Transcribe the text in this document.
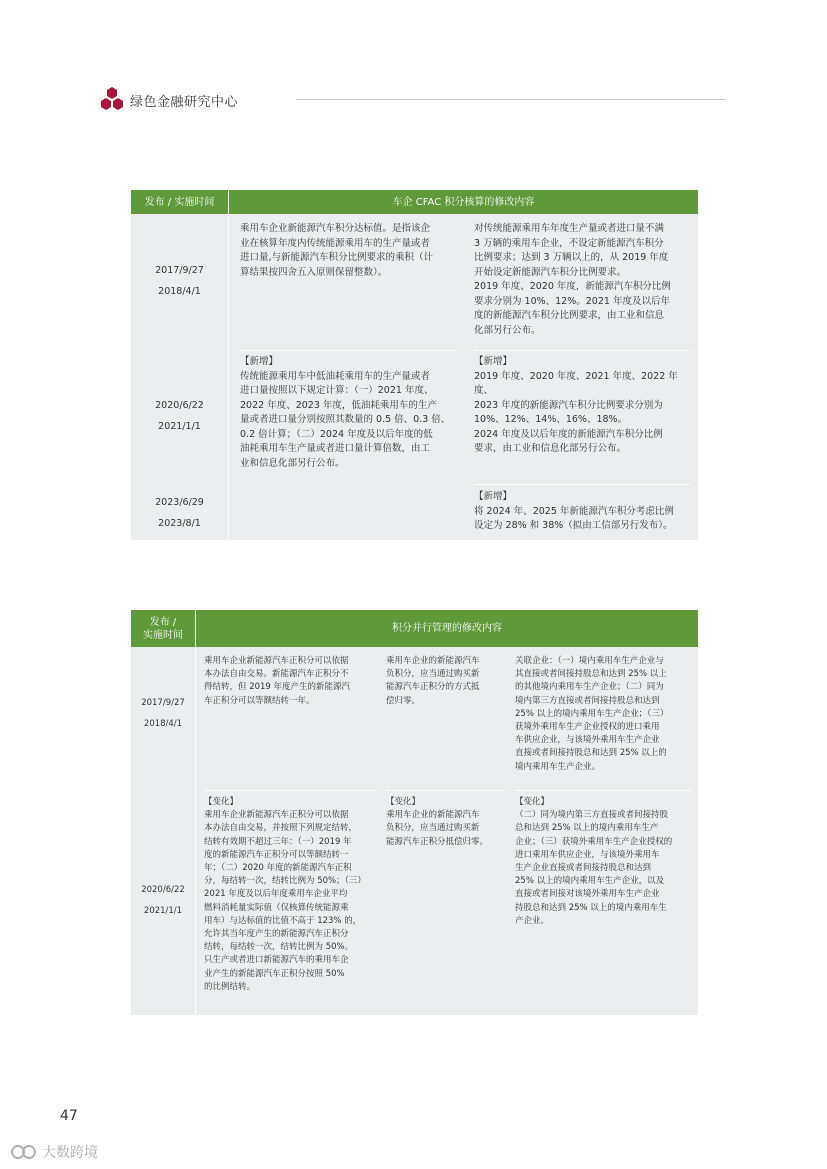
绿色金融研究中心
发布 / 实施时间	车企 CFAC 积分核算的修改内容
2017/9/27
2018/4/1
乘用车企业新能源汽车积分达标值。是指该企
业在核算年度内传统能源乘用车的生产量或者
进口量,与新能源汽车积分比例要求的乘积（计
算结果按四舍五入原则保留整数）。
对传统能源乘用车年度生产量或者进口量不满
3 万辆的乘用车企业，不设定新能源汽车积分
比例要求；达到 3 万辆以上的，从 2019 年度
开始设定新能源汽车积分比例要求。
2019 年度、2020 年度，新能源汽车积分比例
要求分别为 10%、12%。2021 年度及以后年
度的新能源汽车积分比例要求，由工业和信息
化部另行公布。
2020/6/22
2021/1/1
【新增】
传统能源乘用车中低油耗乘用车的生产量或者
进口量按照以下规定计算：（一）2021 年度、
2022 年度、2023 年度，低油耗乘用车的生产
量或者进口量分别按照其数量的 0.5 倍、0.3 倍、
0.2 倍计算；（二）2024 年度及以后年度的低
油耗乘用车生产量或者进口量计算倍数，由工
业和信息化部另行公布。
【新增】
2019 年度、2020 年度、2021 年度、2022 年度、
2023 年度的新能源汽车积分比例要求分别为
10%、12%、14%、16%、18%。
2024 年度及以后年度的新能源汽车积分比例
要求，由工业和信息化部另行公布。
2023/6/29
2023/8/1
【新增】
将 2024 年、2025 年新能源汽车积分考虑比例
设定为 28% 和 38%（拟由工信部另行发布）。
发布 /
实施时间
积分并行管理的修改内容
2017/9/27
2018/4/1
乘用车企业新能源汽车正积分可以依据
本办法自由交易。新能源汽车正积分不
得结转，但 2019 年度产生的新能源汽
车正积分可以等额结转一年。
乘用车企业的新能源汽车
负积分，应当通过购买新
能源汽车正积分的方式抵
偿归零。
关联企业：（一）境内乘用车生产企业与
其直接或者间接持股总和达到 25% 以上
的其他境内乘用车生产企业；（二）同为
境内第三方直接或者间接持股总和达到
25% 以上的境内乘用车生产企业；（三）
获境外乘用车生产企业授权的进口乘用
车供应企业，与该境外乘用车生产企业
直接或者间接持股总和达到 25% 以上的
境内乘用车生产企业。
2020/6/22
2021/1/1
【变化】
乘用车企业新能源汽车正积分可以依据
本办法自由交易，并按照下列规定结转，
结转有效期不超过三年：（一）2019 年
度的新能源汽车正积分可以等额结转一
年；（二）2020 年度的新能源汽车正积
分，每结转一次，结转比例为 50%；（三）
2021 年度及以后年度乘用车企业平均
燃料消耗量实际值（仅核算传统能源乘
用车）与达标值的比值不高于 123% 的，
允许其当年度产生的新能源汽车正积分
结转，每结转一次，结转比例为 50%。
只生产或者进口新能源汽车的乘用车企
业产生的新能源汽车正积分按照 50%
的比例结转。
【变化】
乘用车企业的新能源汽车
负积分，应当通过购买新
能源汽车正积分抵偿归零。
【变化】
（二）同为境内第三方直接或者间接持股
总和达到 25% 以上的境内乘用车生产
企业；（三）获境外乘用车生产企业授权的
进口乘用车供应企业，与该境外乘用车
生产企业直接或者间接持股总和达到
25% 以上的境内乘用车生产企业，以及
直接或者间接对该境外乘用车生产企业
持股总和达到 25% 以上的境内乘用车生
产企业。
47
大数跨境
